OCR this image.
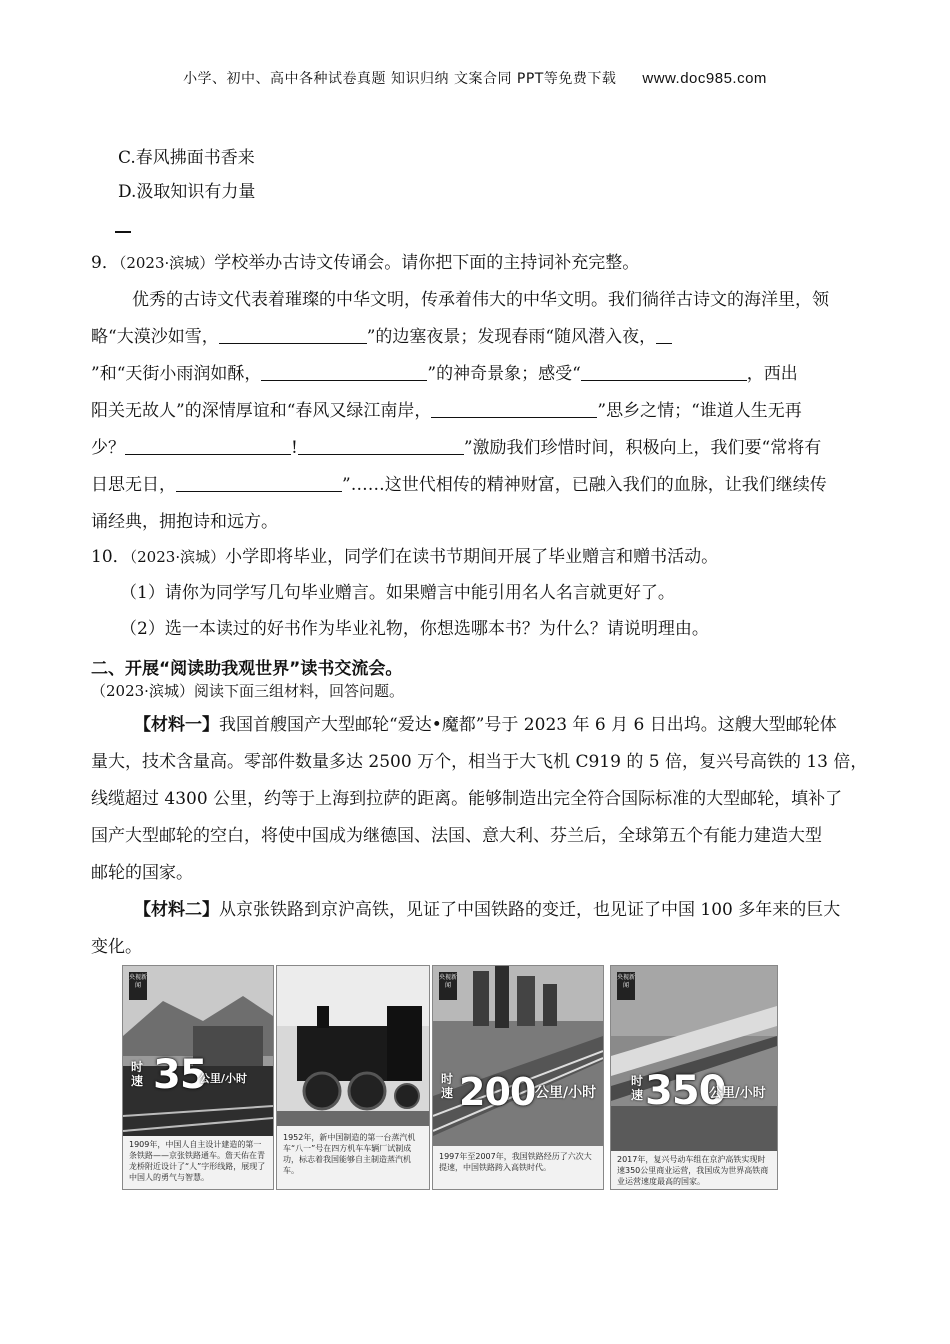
小学、初中、高中各种试卷真题 知识归纳 文案合同 PPT等免费下载 www.doc985.com
C.春风拂面书香来
D.汲取知识有力量
9．（2023·滨城）学校举办古诗文传诵会。请你把下面的主持词补充完整。
优秀的古诗文代表着璀璨的中华文明，传承着伟大的中华文明。我们徜徉古诗文的海洋里，领
略“大漠沙如雪，	”的边塞夜景；发现春雨“随风潜入夜，
”和“天街小雨润如酥，	”的神奇景象；感受“	，西出
阳关无故人”的深情厚谊和“春风又绿江南岸，	”思乡之情；“谁道人生无再
少？	!	”激励我们珍惜时间，积极向上，我们要“常将有
日思无日，	”……这世代相传的精神财富，已融入我们的血脉，让我们继续传
诵经典，拥抱诗和远方。
10．（2023·滨城）小学即将毕业，同学们在读书节期间开展了毕业赠言和赠书活动。
（1）请你为同学写几句毕业赠言。如果赠言中能引用名人名言就更好了。
（2）选一本读过的好书作为毕业礼物，你想选哪本书？为什么？请说明理由。
二、开展“阅读助我观世界”读书交流会。
（2023·滨城）阅读下面三组材料，回答问题。
【材料一】我国首艘国产大型邮轮“爱达•魔都”号于 2023 年 6 月 6 日出坞。这艘大型邮轮体
量大，技术含量高。零部件数量多达 2500 万个，相当于大飞机 C919 的 5 倍，复兴号高铁的 13 倍，
线缆超过 4300 公里，约等于上海到拉萨的距离。能够制造出完全符合国际标准的大型邮轮，填补了
国产大型邮轮的空白，将使中国成为继德国、法国、意大利、芬兰后，全球第五个有能力建造大型
邮轮的国家。
【材料二】从京张铁路到京沪高铁，见证了中国铁路的变迁，也见证了中国 100 多年来的巨大
变化。
央视新闻
时速 35
公里/小时
1909年，中国人自主设计建造的第一条铁路——京张铁路通车。詹天佑在青龙桥附近设计了“人”字形线路，展现了中国人的勇气与智慧。
1952年，新中国制造的第一台蒸汽机车“八一”号在四方机车车辆厂试制成功，标志着我国能够自主制造蒸汽机车。
央视新闻
时速 200 公里/小时
1997年至2007年，我国铁路经历了六次大提速，中国铁路跨入高铁时代。
央视新闻
时速 350
公里/小时
2017年，复兴号动车组在京沪高铁实现时速350公里商业运营，我国成为世界高铁商业运营速度最高的国家。
